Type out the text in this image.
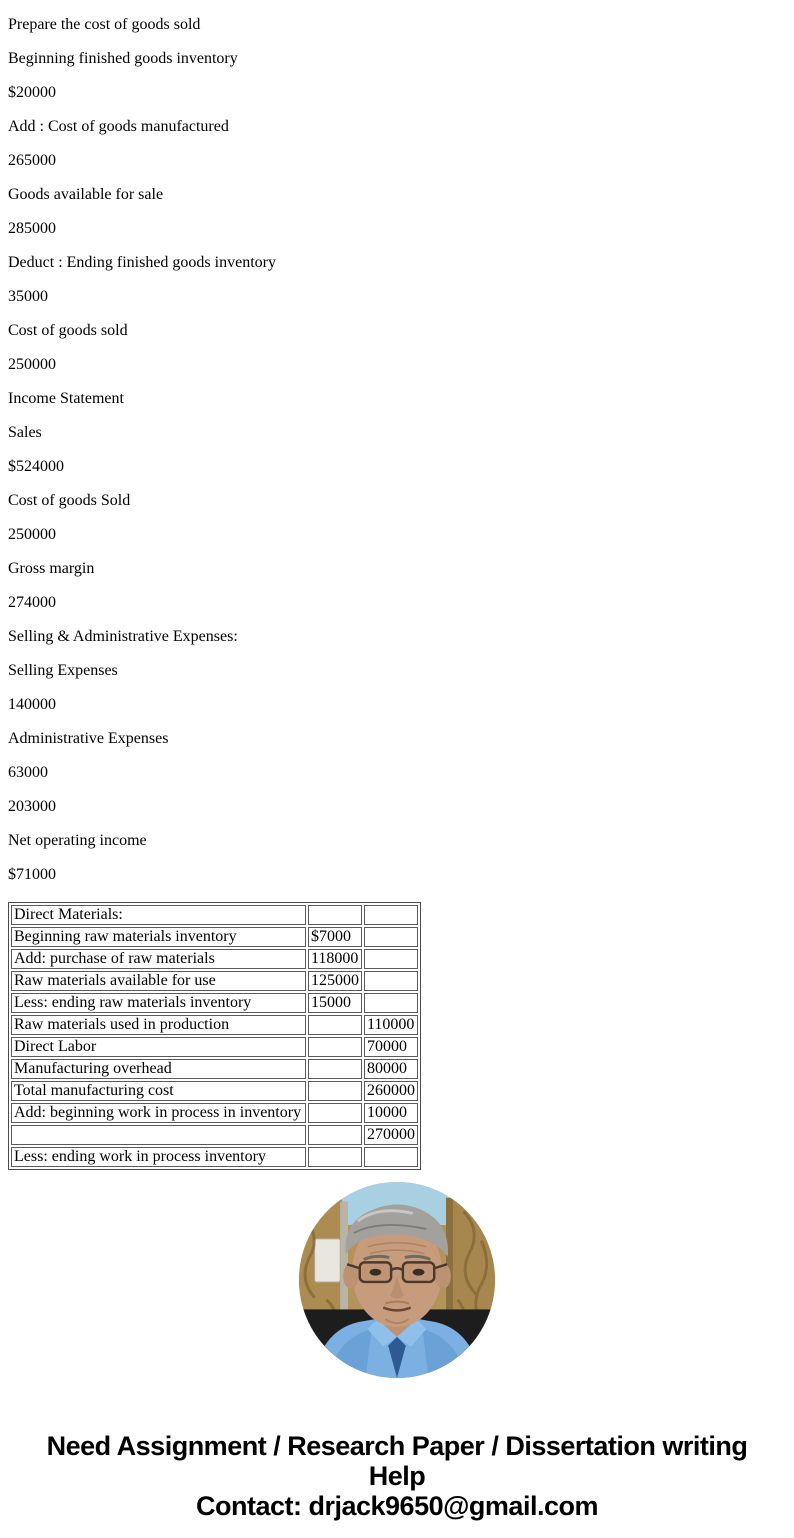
Prepare the cost of goods sold

Beginning finished goods inventory

$20000

Add : Cost of goods manufactured

265000

Goods available for sale

285000

Deduct : Ending finished goods inventory

35000

Cost of goods sold

250000

Income Statement

Sales

$524000

Cost of goods Sold

250000

Gross margin

274000

Selling & Administrative Expenses:

Selling Expenses

140000

Administrative Expenses

63000

203000

Net operating income

$71000

Direct Materials:		
Beginning raw materials inventory	$7000	
Add: purchase of raw materials	118000	
Raw materials available for use	125000	
Less: ending raw materials inventory	15000	
Raw materials used in production		110000
Direct Labor		70000
Manufacturing overhead		80000
Total manufacturing cost		260000
Add: beginning work in process in inventory		10000
		270000
Less: ending work in process inventory		
Need Assignment / Research Paper / Dissertation writing Help
Contact: drjack9650@gmail.com
